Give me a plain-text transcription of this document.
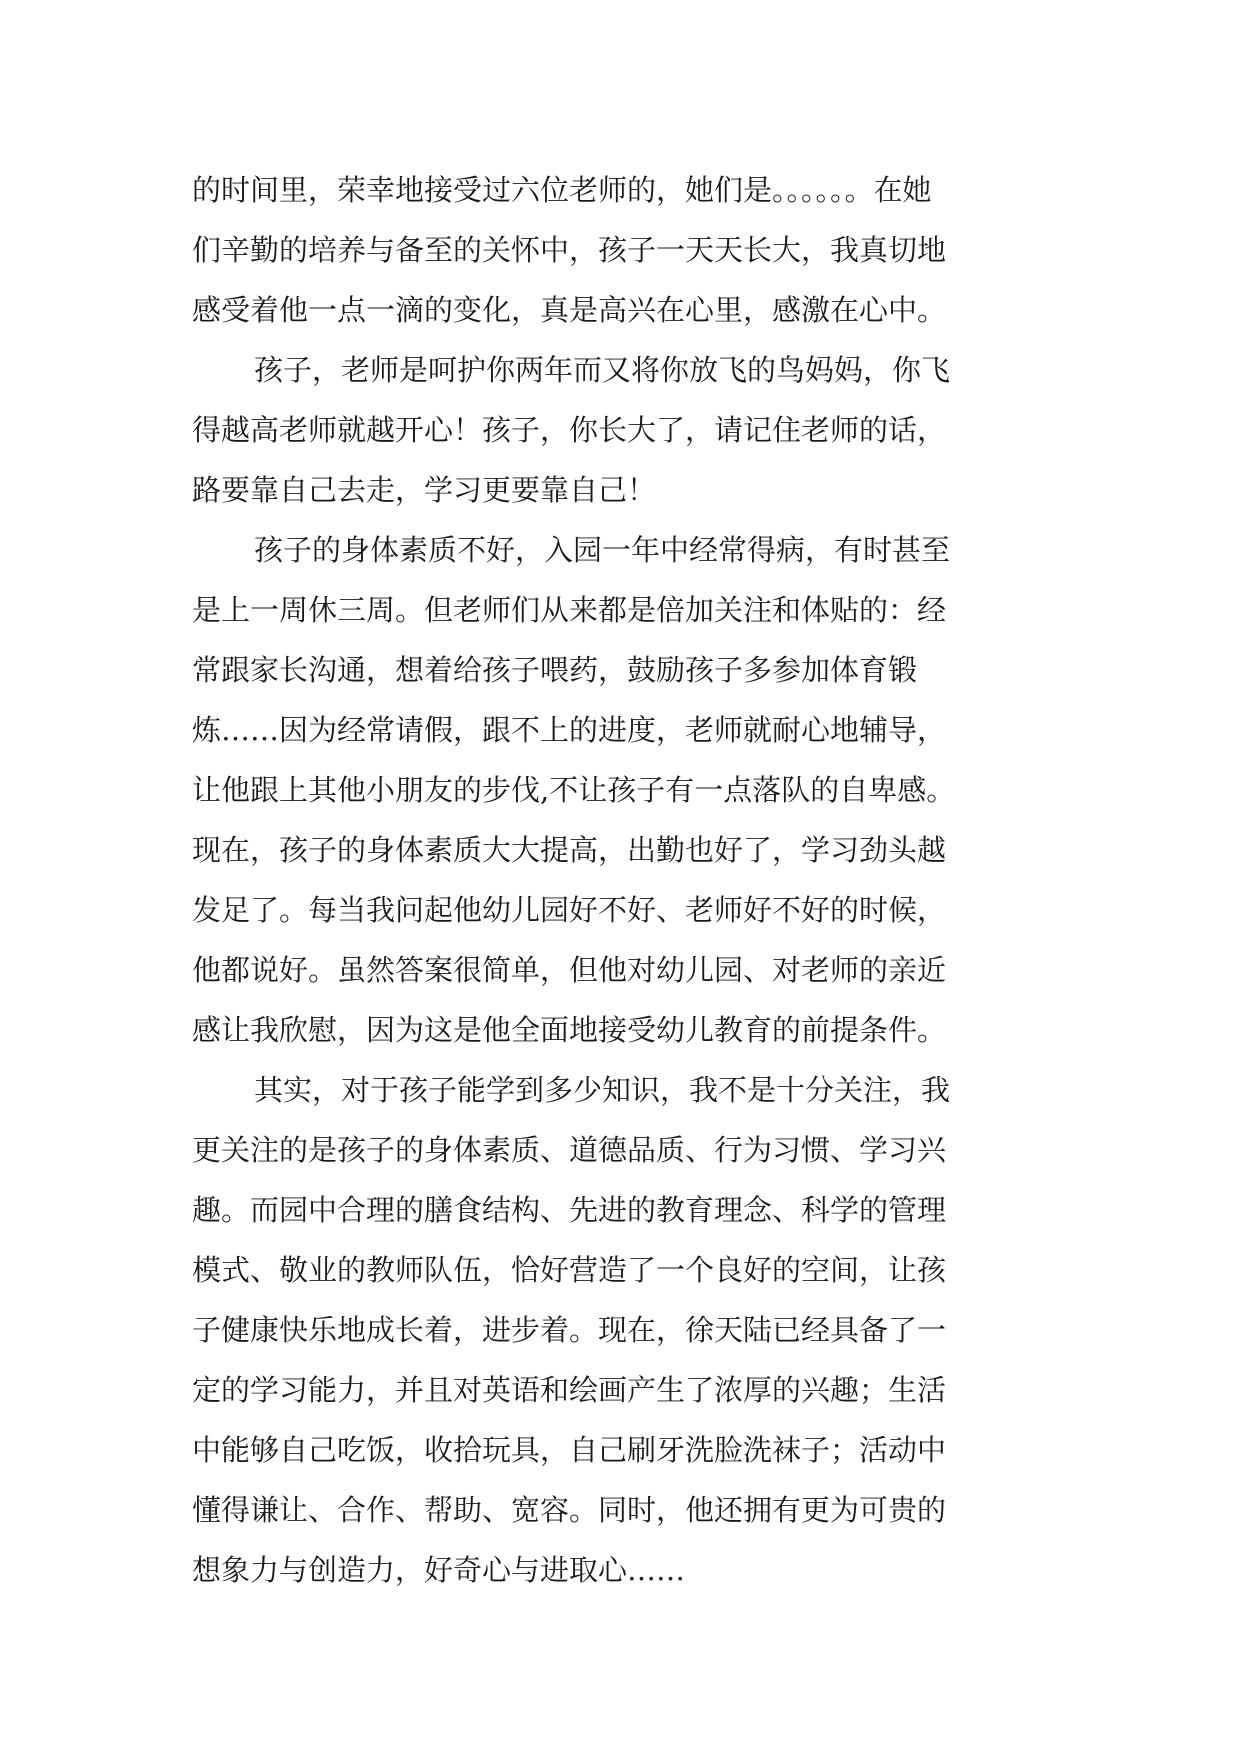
的时间里，荣幸地接受过六位老师的，她们是。。。。。。在她
们辛勤的培养与备至的关怀中，孩子一天天长大，我真切地
感受着他一点一滴的变化，真是高兴在心里，感激在心中。
孩子，老师是呵护你两年而又将你放飞的鸟妈妈，你飞
得越高老师就越开心！孩子，你长大了，请记住老师的话，
路要靠自己去走，学习更要靠自己！
孩子的身体素质不好，入园一年中经常得病，有时甚至
是上一周休三周。但老师们从来都是倍加关注和体贴的：经
常跟家长沟通，想着给孩子喂药，鼓励孩子多参加体育锻
炼……因为经常请假，跟不上的进度，老师就耐心地辅导，
让他跟上其他小朋友的步伐,不让孩子有一点落队的自卑感。
现在，孩子的身体素质大大提高，出勤也好了，学习劲头越
发足了。每当我问起他幼儿园好不好、老师好不好的时候，
他都说好。虽然答案很简单，但他对幼儿园、对老师的亲近
感让我欣慰，因为这是他全面地接受幼儿教育的前提条件。
其实，对于孩子能学到多少知识，我不是十分关注，我
更关注的是孩子的身体素质、道德品质、行为习惯、学习兴
趣。而园中合理的膳食结构、先进的教育理念、科学的管理
模式、敬业的教师队伍，恰好营造了一个良好的空间，让孩
子健康快乐地成长着，进步着。现在，徐天陆已经具备了一
定的学习能力，并且对英语和绘画产生了浓厚的兴趣；生活
中能够自己吃饭，收拾玩具，自己刷牙洗脸洗袜子；活动中
懂得谦让、合作、帮助、宽容。同时，他还拥有更为可贵的
想象力与创造力，好奇心与进取心……
